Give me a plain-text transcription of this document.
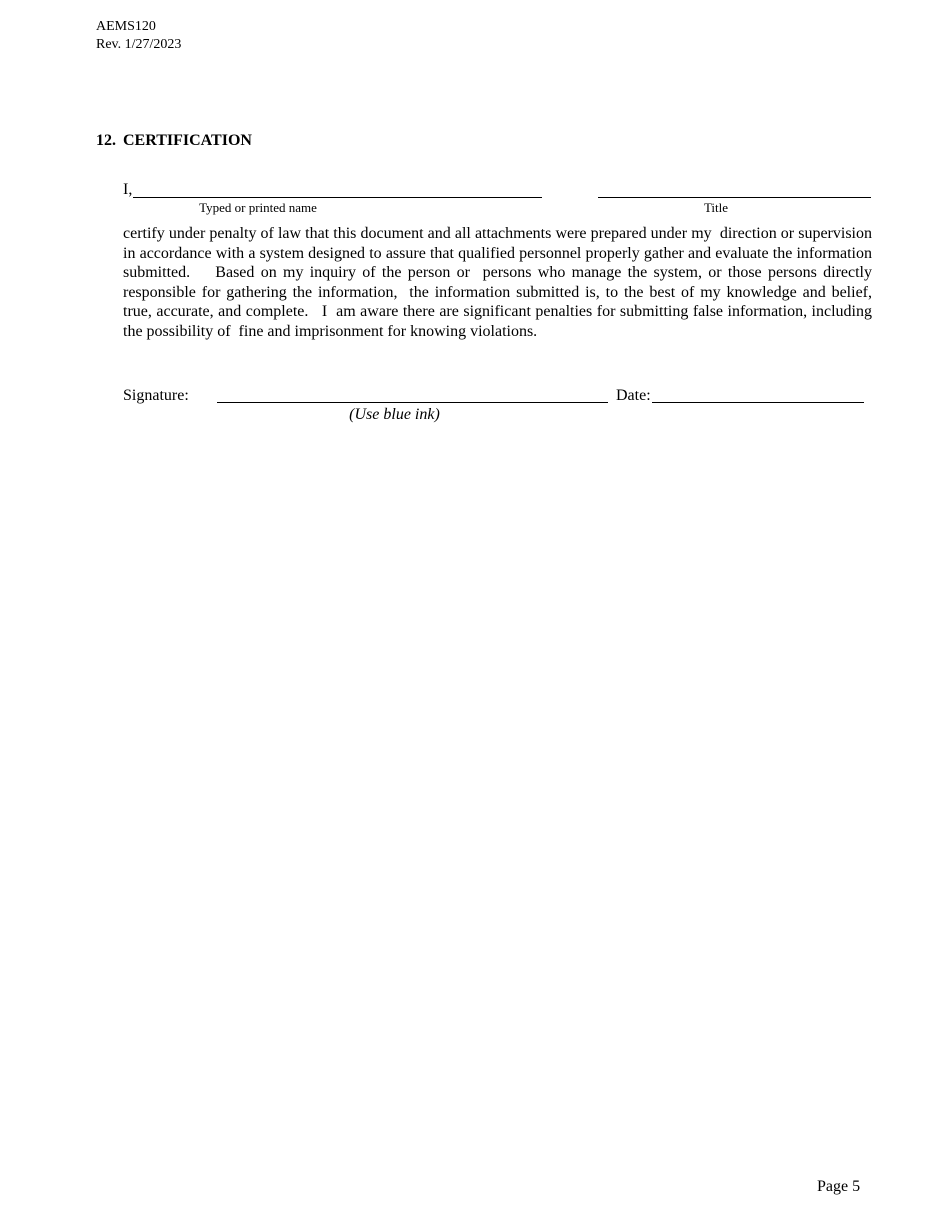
AEMS120
Rev. 1/27/2023
12. CERTIFICATION
I,
Typed or printed name	Title
certify under penalty of law that this document and all attachments were prepared under my  direction or supervision in accordance with a system designed to assure that qualified personnel properly gather and evaluate the information submitted.    Based on my inquiry of the person or  persons who manage the system, or those persons directly responsible for gathering the information,  the information submitted is, to the best of my knowledge and belief, true, accurate, and complete.   I  am aware there are significant penalties for submitting false information, including the possibility of  fine and imprisonment for knowing violations.
Signature:
(Use blue ink)
Date:
Page 5
